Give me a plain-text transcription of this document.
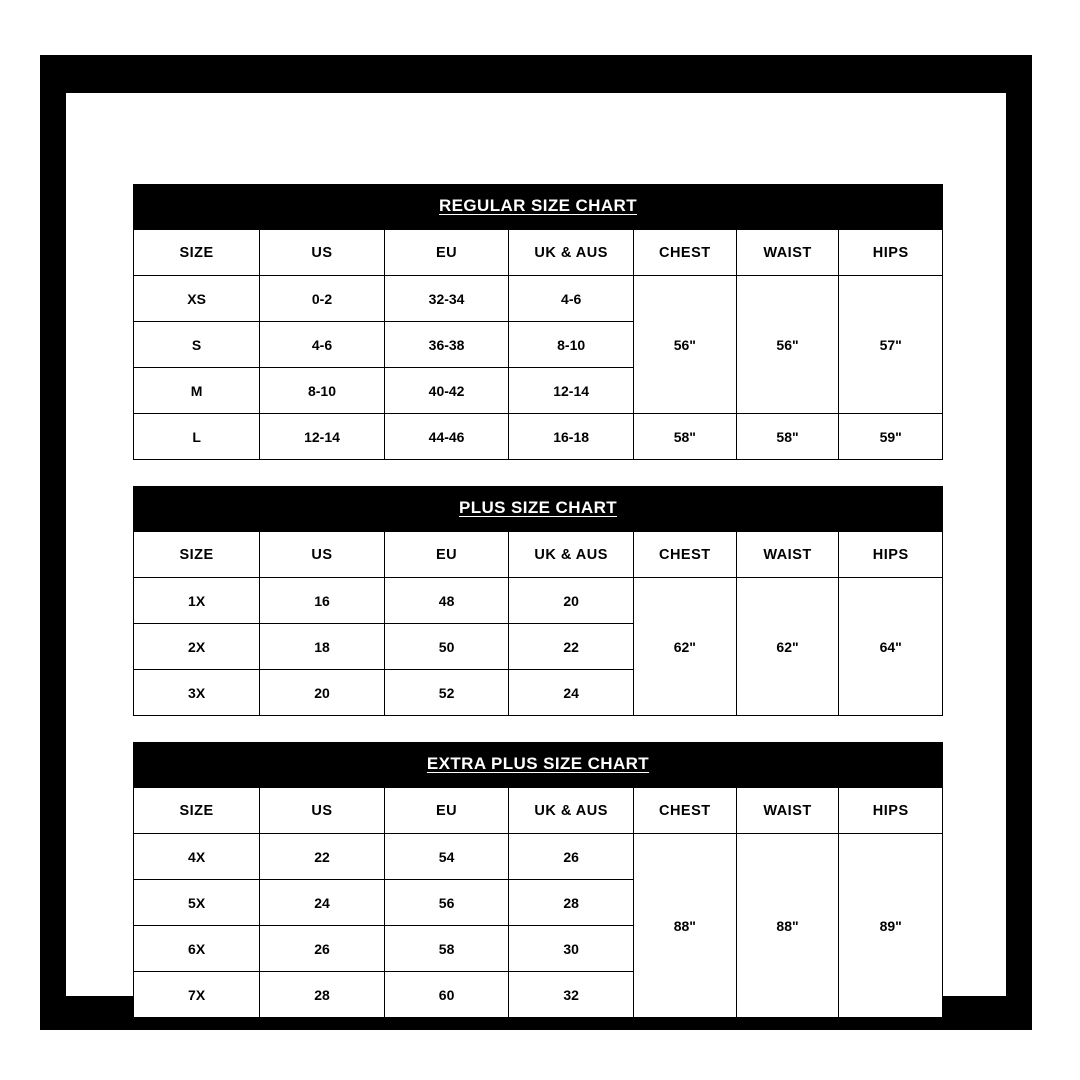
REGULAR SIZE CHART
SIZE	US	EU	UK & AUS	CHEST	WAIST	HIPS
XS	0-2	32-34	4-6	56"	56"	57"
S	4-6	36-38	8-10			
M	8-10	40-42	12-14			
L	12-14	44-46	16-18	58"	58"	59"
PLUS SIZE CHART
SIZE	US	EU	UK & AUS	CHEST	WAIST	HIPS
1X	16	48	20	62"	62"	64"
2X	18	50	22			
3X	20	52	24			
EXTRA PLUS SIZE CHART
SIZE	US	EU	UK & AUS	CHEST	WAIST	HIPS
4X	22	54	26	88"	88"	89"
5X	24	56	28			
6X	26	58	30			
7X	28	60	32			
